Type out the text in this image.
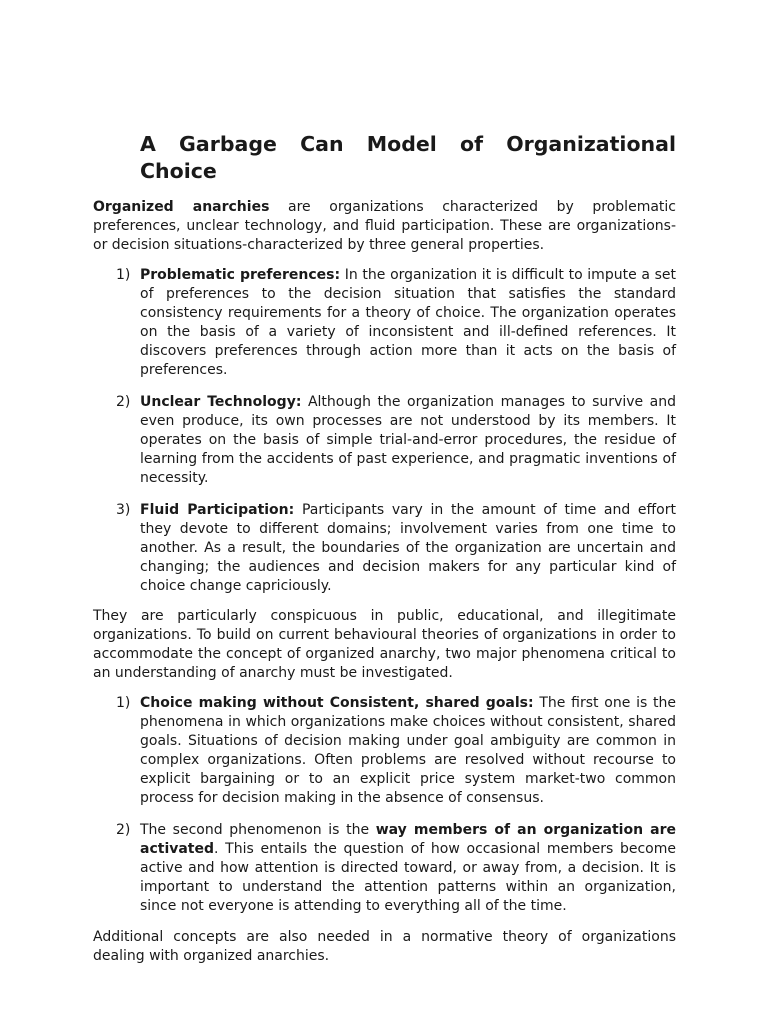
A Garbage Can Model of Organizational
Choice

Organized anarchies are organizations characterized by problematic preferences, unclear technology, and fluid participation. These are organizations-or decision situations-characterized by three general properties.

1) Problematic preferences: In the organization it is difficult to impute a set of preferences to the decision situation that satisfies the standard consistency requirements for a theory of choice. The organization operates on the basis of a variety of inconsistent and ill-defined references. It discovers preferences through action more than it acts on the basis of preferences.
2) Unclear Technology: Although the organization manages to survive and even produce, its own processes are not understood by its members. It operates on the basis of simple trial-and-error procedures, the residue of learning from the accidents of past experience, and pragmatic inventions of necessity.
3) Fluid Participation: Participants vary in the amount of time and effort they devote to different domains; involvement varies from one time to another. As a result, the boundaries of the organization are uncertain and changing; the audiences and decision makers for any particular kind of choice change capriciously.

They are particularly conspicuous in public, educational, and illegitimate organizations. To build on current behavioural theories of organizations in order to accommodate the concept of organized anarchy, two major phenomena critical to an understanding of anarchy must be investigated.

1) Choice making without Consistent, shared goals: The first one is the phenomena in which organizations make choices without consistent, shared goals. Situations of decision making under goal ambiguity are common in complex organizations. Often problems are resolved without recourse to explicit bargaining or to an explicit price system market-two common process for decision making in the absence of consensus.
2) The second phenomenon is the way members of an organization are activated. This entails the question of how occasional members become active and how attention is directed toward, or away from, a decision. It is important to understand the attention patterns within an organization, since not everyone is attending to everything all of the time.

Additional concepts are also needed in a normative theory of organizations dealing with organized anarchies.
